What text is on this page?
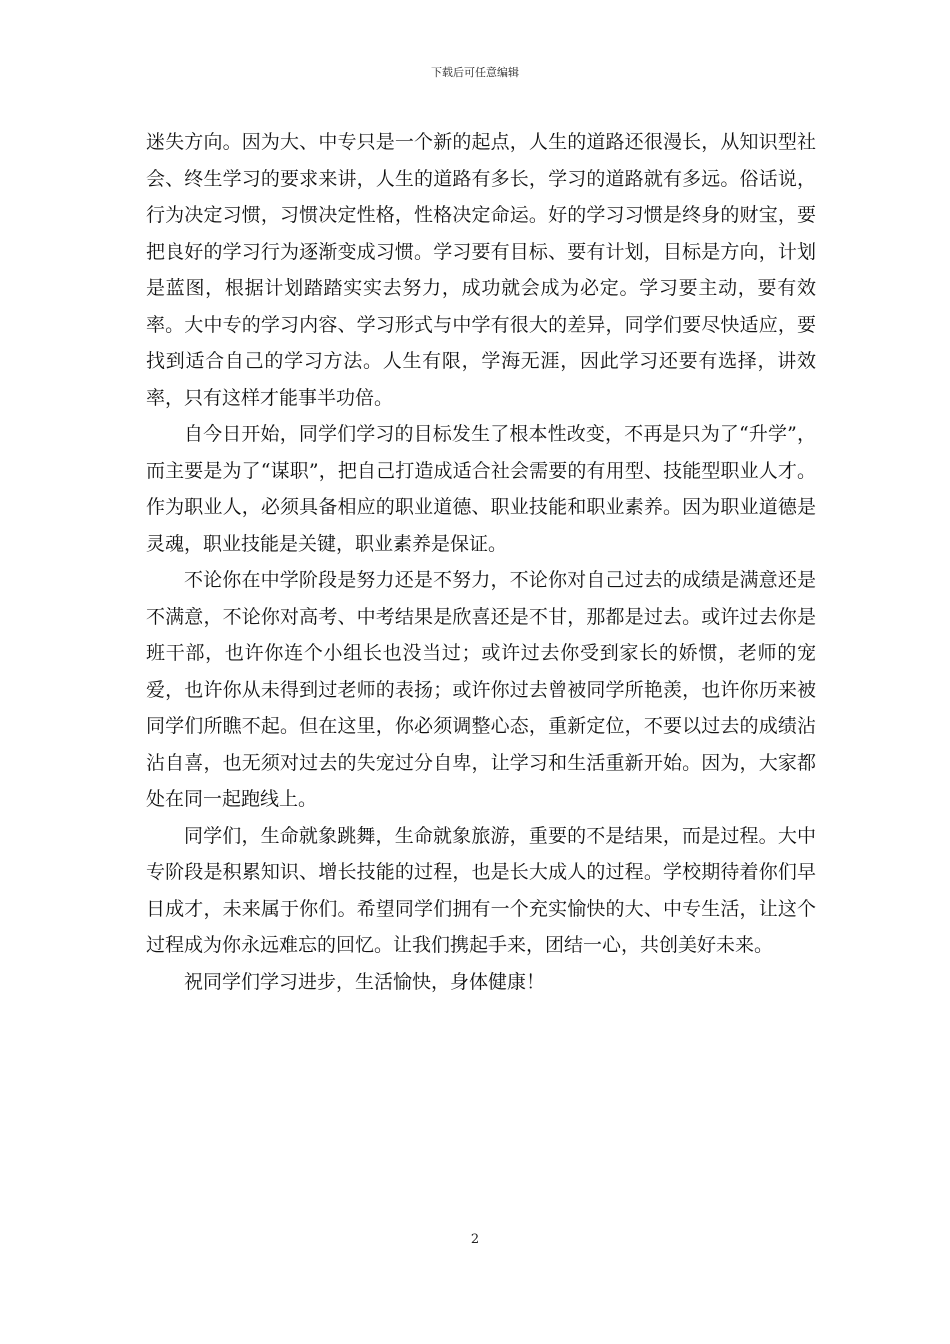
下载后可任意编辑

迷失方向。因为大、中专只是一个新的起点，人生的道路还很漫长，从知识型社会、终生学习的要求来讲，人生的道路有多长，学习的道路就有多远。俗话说，行为决定习惯，习惯决定性格，性格决定命运。好的学习习惯是终身的财宝，要把良好的学习行为逐渐变成习惯。学习要有目标、要有计划，目标是方向，计划是蓝图，根据计划踏踏实实去努力，成功就会成为必定。学习要主动，要有效率。大中专的学习内容、学习形式与中学有很大的差异，同学们要尽快适应，要找到适合自己的学习方法。人生有限，学海无涯，因此学习还要有选择，讲效率，只有这样才能事半功倍。

自今日开始，同学们学习的目标发生了根本性改变，不再是只为了“升学”，而主要是为了“谋职”，把自己打造成适合社会需要的有用型、技能型职业人才。作为职业人，必须具备相应的职业道德、职业技能和职业素养。因为职业道德是灵魂，职业技能是关键，职业素养是保证。

不论你在中学阶段是努力还是不努力，不论你对自己过去的成绩是满意还是不满意，不论你对高考、中考结果是欣喜还是不甘，那都是过去。或许过去你是班干部，也许你连个小组长也没当过；或许过去你受到家长的娇惯，老师的宠爱，也许你从未得到过老师的表扬；或许你过去曾被同学所艳羡，也许你历来被同学们所瞧不起。但在这里，你必须调整心态，重新定位，不要以过去的成绩沾沾自喜，也无须对过去的失宠过分自卑，让学习和生活重新开始。因为，大家都处在同一起跑线上。

同学们，生命就象跳舞，生命就象旅游，重要的不是结果，而是过程。大中专阶段是积累知识、增长技能的过程，也是长大成人的过程。学校期待着你们早日成才，未来属于你们。希望同学们拥有一个充实愉快的大、中专生活，让这个过程成为你永远难忘的回忆。让我们携起手来，团结一心，共创美好未来。

祝同学们学习进步，生活愉快，身体健康！

2
